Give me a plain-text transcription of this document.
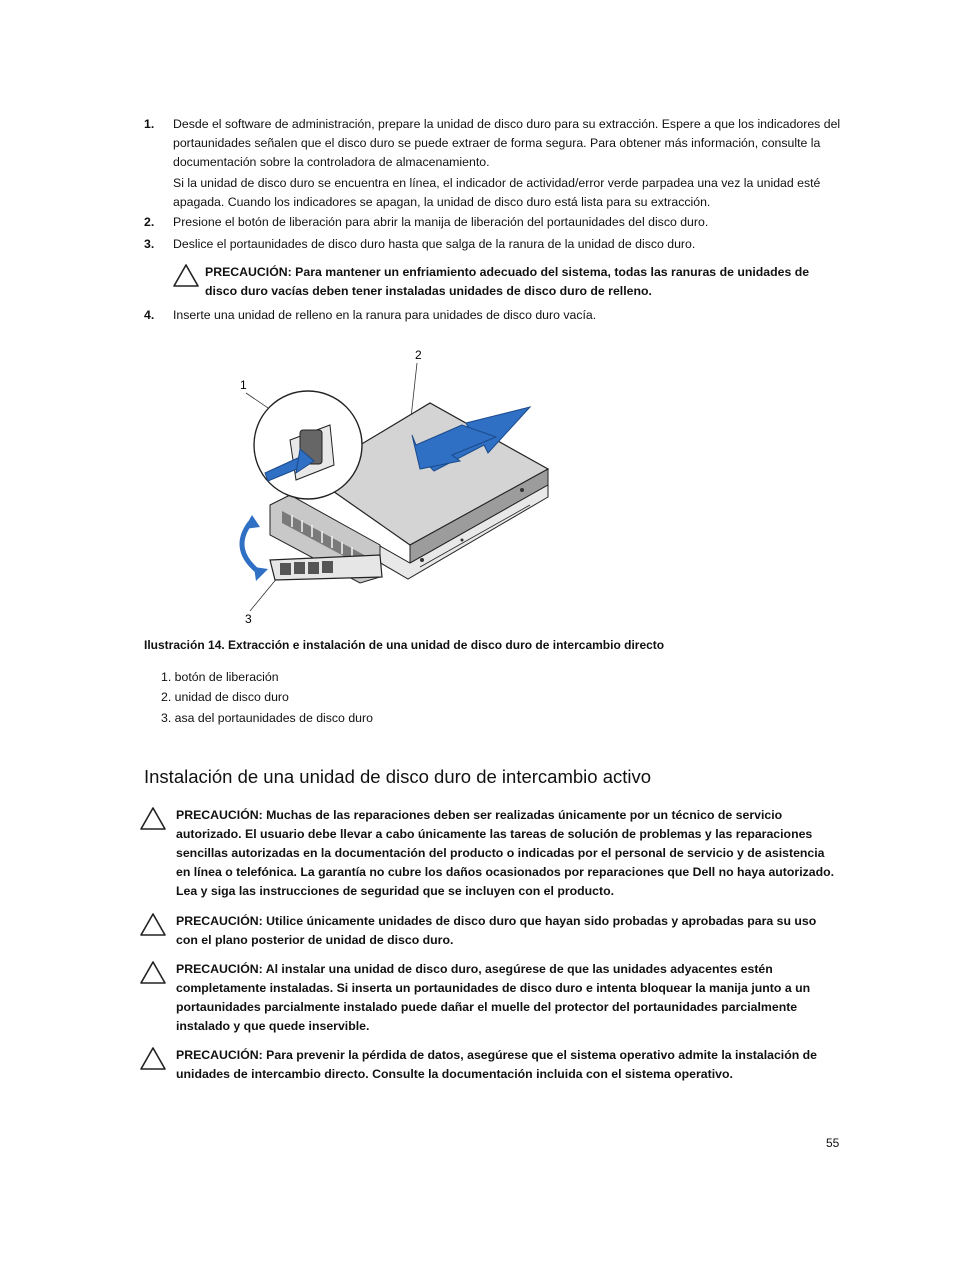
1. Desde el software de administración, prepare la unidad de disco duro para su extracción. Espere a que los indicadores del portaunidades señalen que el disco duro se puede extraer de forma segura. Para obtener más información, consulte la documentación sobre la controladora de almacenamiento.
Si la unidad de disco duro se encuentra en línea, el indicador de actividad/error verde parpadea una vez la unidad esté apagada. Cuando los indicadores se apagan, la unidad de disco duro está lista para su extracción.
2. Presione el botón de liberación para abrir la manija de liberación del portaunidades del disco duro.
3. Deslice el portaunidades de disco duro hasta que salga de la ranura de la unidad de disco duro.
PRECAUCIÓN: Para mantener un enfriamiento adecuado del sistema, todas las ranuras de unidades de disco duro vacías deben tener instaladas unidades de disco duro de relleno.
4. Inserte una unidad de relleno en la ranura para unidades de disco duro vacía.
2
1
3
Ilustración 14. Extracción e instalación de una unidad de disco duro de intercambio directo
1. botón de liberación
2. unidad de disco duro
3. asa del portaunidades de disco duro
Instalación de una unidad de disco duro de intercambio activo
PRECAUCIÓN: Muchas de las reparaciones deben ser realizadas únicamente por un técnico de servicio autorizado. El usuario debe llevar a cabo únicamente las tareas de solución de problemas y las reparaciones sencillas autorizadas en la documentación del producto o indicadas por el personal de servicio y de asistencia en línea o telefónica. La garantía no cubre los daños ocasionados por reparaciones que Dell no haya autorizado. Lea y siga las instrucciones de seguridad que se incluyen con el producto.
PRECAUCIÓN: Utilice únicamente unidades de disco duro que hayan sido probadas y aprobadas para su uso con el plano posterior de unidad de disco duro.
PRECAUCIÓN: Al instalar una unidad de disco duro, asegúrese de que las unidades adyacentes estén completamente instaladas. Si inserta un portaunidades de disco duro e intenta bloquear la manija junto a un portaunidades parcialmente instalado puede dañar el muelle del protector del portaunidades parcialmente instalado y que quede inservible.
PRECAUCIÓN: Para prevenir la pérdida de datos, asegúrese que el sistema operativo admite la instalación de unidades de intercambio directo. Consulte la documentación incluida con el sistema operativo.
55
